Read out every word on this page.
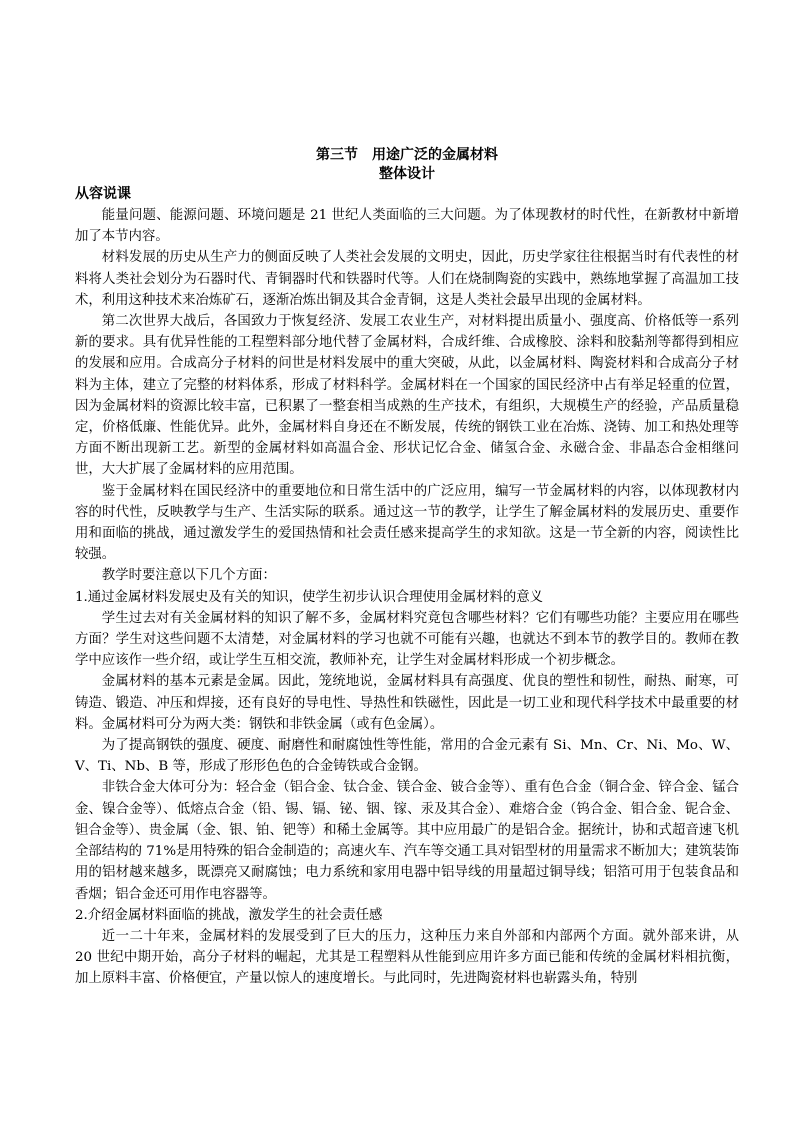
第三节　用途广泛的金属材料
整体设计
从容说课

能量问题、能源问题、环境问题是 21 世纪人类面临的三大问题。为了体现教材的时代性，在新教材中新增加了本节内容。

材料发展的历史从生产力的侧面反映了人类社会发展的文明史，因此，历史学家往往根据当时有代表性的材料将人类社会划分为石器时代、青铜器时代和铁器时代等。人们在烧制陶瓷的实践中，熟练地掌握了高温加工技术，利用这种技术来冶炼矿石，逐渐冶炼出铜及其合金青铜，这是人类社会最早出现的金属材料。

第二次世界大战后，各国致力于恢复经济、发展工农业生产，对材料提出质量小、强度高、价格低等一系列新的要求。具有优异性能的工程塑料部分地代替了金属材料，合成纤维、合成橡胶、涂料和胶黏剂等都得到相应的发展和应用。合成高分子材料的问世是材料发展中的重大突破，从此，以金属材料、陶瓷材料和合成高分子材料为主体，建立了完整的材料体系，形成了材料科学。金属材料在一个国家的国民经济中占有举足轻重的位置，因为金属材料的资源比较丰富，已积累了一整套相当成熟的生产技术，有组织，大规模生产的经验，产品质量稳定，价格低廉、性能优异。此外，金属材料自身还在不断发展，传统的钢铁工业在冶炼、浇铸、加工和热处理等方面不断出现新工艺。新型的金属材料如高温合金、形状记忆合金、储氢合金、永磁合金、非晶态合金相继问世，大大扩展了金属材料的应用范围。

鉴于金属材料在国民经济中的重要地位和日常生活中的广泛应用，编写一节金属材料的内容，以体现教材内容的时代性，反映教学与生产、生活实际的联系。通过这一节的教学，让学生了解金属材料的发展历史、重要作用和面临的挑战，通过激发学生的爱国热情和社会责任感来提高学生的求知欲。这是一节全新的内容，阅读性比较强。

教学时要注意以下几个方面：

1.通过金属材料发展史及有关的知识，使学生初步认识合理使用金属材料的意义

学生过去对有关金属材料的知识了解不多，金属材料究竟包含哪些材料？它们有哪些功能？主要应用在哪些方面？学生对这些问题不太清楚，对金属材料的学习也就不可能有兴趣，也就达不到本节的教学目的。教师在教学中应该作一些介绍，或让学生互相交流，教师补充，让学生对金属材料形成一个初步概念。

金属材料的基本元素是金属。因此，笼统地说，金属材料具有高强度、优良的塑性和韧性，耐热、耐寒，可铸造、锻造、冲压和焊接，还有良好的导电性、导热性和铁磁性，因此是一切工业和现代科学技术中最重要的材料。金属材料可分为两大类：钢铁和非铁金属（或有色金属）。

为了提高钢铁的强度、硬度、耐磨性和耐腐蚀性等性能，常用的合金元素有 Si、Mn、Cr、Ni、Mo、W、V、Ti、Nb、B 等，形成了形形色色的合金铸铁或合金钢。

非铁合金大体可分为：轻合金（铝合金、钛合金、镁合金、铍合金等）、重有色合金（铜合金、锌合金、锰合金、镍合金等）、低熔点合金（铅、锡、镉、铋、铟、镓、汞及其合金）、难熔合金（钨合金、钼合金、铌合金、钽合金等）、贵金属（金、银、铂、钯等）和稀土金属等。其中应用最广的是铝合金。据统计，协和式超音速飞机全部结构的 71%是用特殊的铝合金制造的；高速火车、汽车等交通工具对铝型材的用量需求不断加大；建筑装饰用的铝材越来越多，既漂亮又耐腐蚀；电力系统和家用电器中铝导线的用量超过铜导线；铝箔可用于包装食品和香烟；铝合金还可用作电容器等。

2.介绍金属材料面临的挑战，激发学生的社会责任感

近一二十年来，金属材料的发展受到了巨大的压力，这种压力来自外部和内部两个方面。就外部来讲，从 20 世纪中期开始，高分子材料的崛起，尤其是工程塑料从性能到应用许多方面已能和传统的金属材料相抗衡，加上原料丰富、价格便宜，产量以惊人的速度增长。与此同时，先进陶瓷材料也崭露头角，特别
